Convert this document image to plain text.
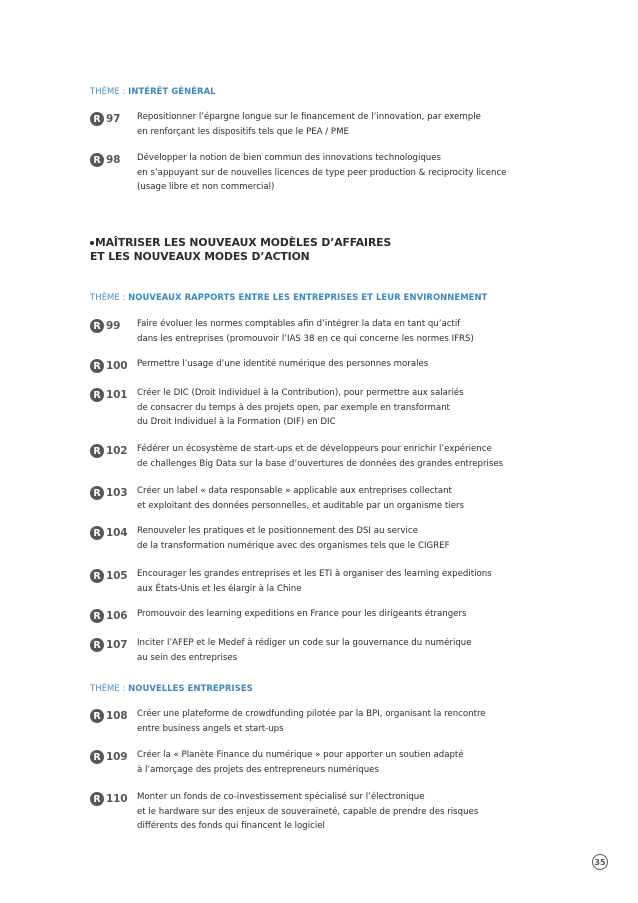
THÈME : INTÉRÊT GÉNÉRAL
MAÎTRISER LES NOUVEAUX MODÈLES D’AFFAIRES
ET LES NOUVEAUX MODES D’ACTION
THÈME : NOUVEAUX RAPPORTS ENTRE LES ENTREPRISES ET LEUR ENVIRONNEMENT
THÈME : NOUVELLES ENTREPRISES
R 97 Repositionner l’épargne longue sur le financement de l’innovation, par exemple
en renforçant les dispositifs tels que le PEA / PME
R 98 Développer la notion de bien commun des innovations technologiques
en s’appuyant sur de nouvelles licences de type peer production & reciprocity licence
(usage libre et non commercial)
R 99 Faire évoluer les normes comptables afin d’intégrer la data en tant qu’actif
dans les entreprises (promouvoir l’IAS 38 en ce qui concerne les normes IFRS)
R 100 Permettre l’usage d’une identité numérique des personnes morales
R 101 Créer le DIC (Droit Individuel à la Contribution), pour permettre aux salariés
de consacrer du temps à des projets open, par exemple en transformant
du Droit Individuel à la Formation (DIF) en DIC
R 102 Fédérer un écosystème de start-ups et de développeurs pour enrichir l’expérience
de challenges Big Data sur la base d’ouvertures de données des grandes entreprises
R 103 Créer un label « data responsable » applicable aux entreprises collectant
et exploitant des données personnelles, et auditable par un organisme tiers
R 104 Renouveler les pratiques et le positionnement des DSI au service
de la transformation numérique avec des organismes tels que le CIGREF
R 105 Encourager les grandes entreprises et les ETI à organiser des learning expeditions
aux États-Unis et les élargir à la Chine
R 106 Promouvoir des learning expeditions en France pour les dirigeants étrangers
R 107 Inciter l’AFEP et le Medef à rédiger un code sur la gouvernance du numérique
au sein des entreprises
R 108 Créer une plateforme de crowdfunding pilotée par la BPI, organisant la rencontre
entre business angels et start-ups
R 109 Créer la « Planète Finance du numérique » pour apporter un soutien adapté
à l’amorçage des projets des entrepreneurs numériques
R 110 Monter un fonds de co-investissement spécialisé sur l’électronique
et le hardware sur des enjeux de souveraineté, capable de prendre des risques
différents des fonds qui financent le logiciel
35
